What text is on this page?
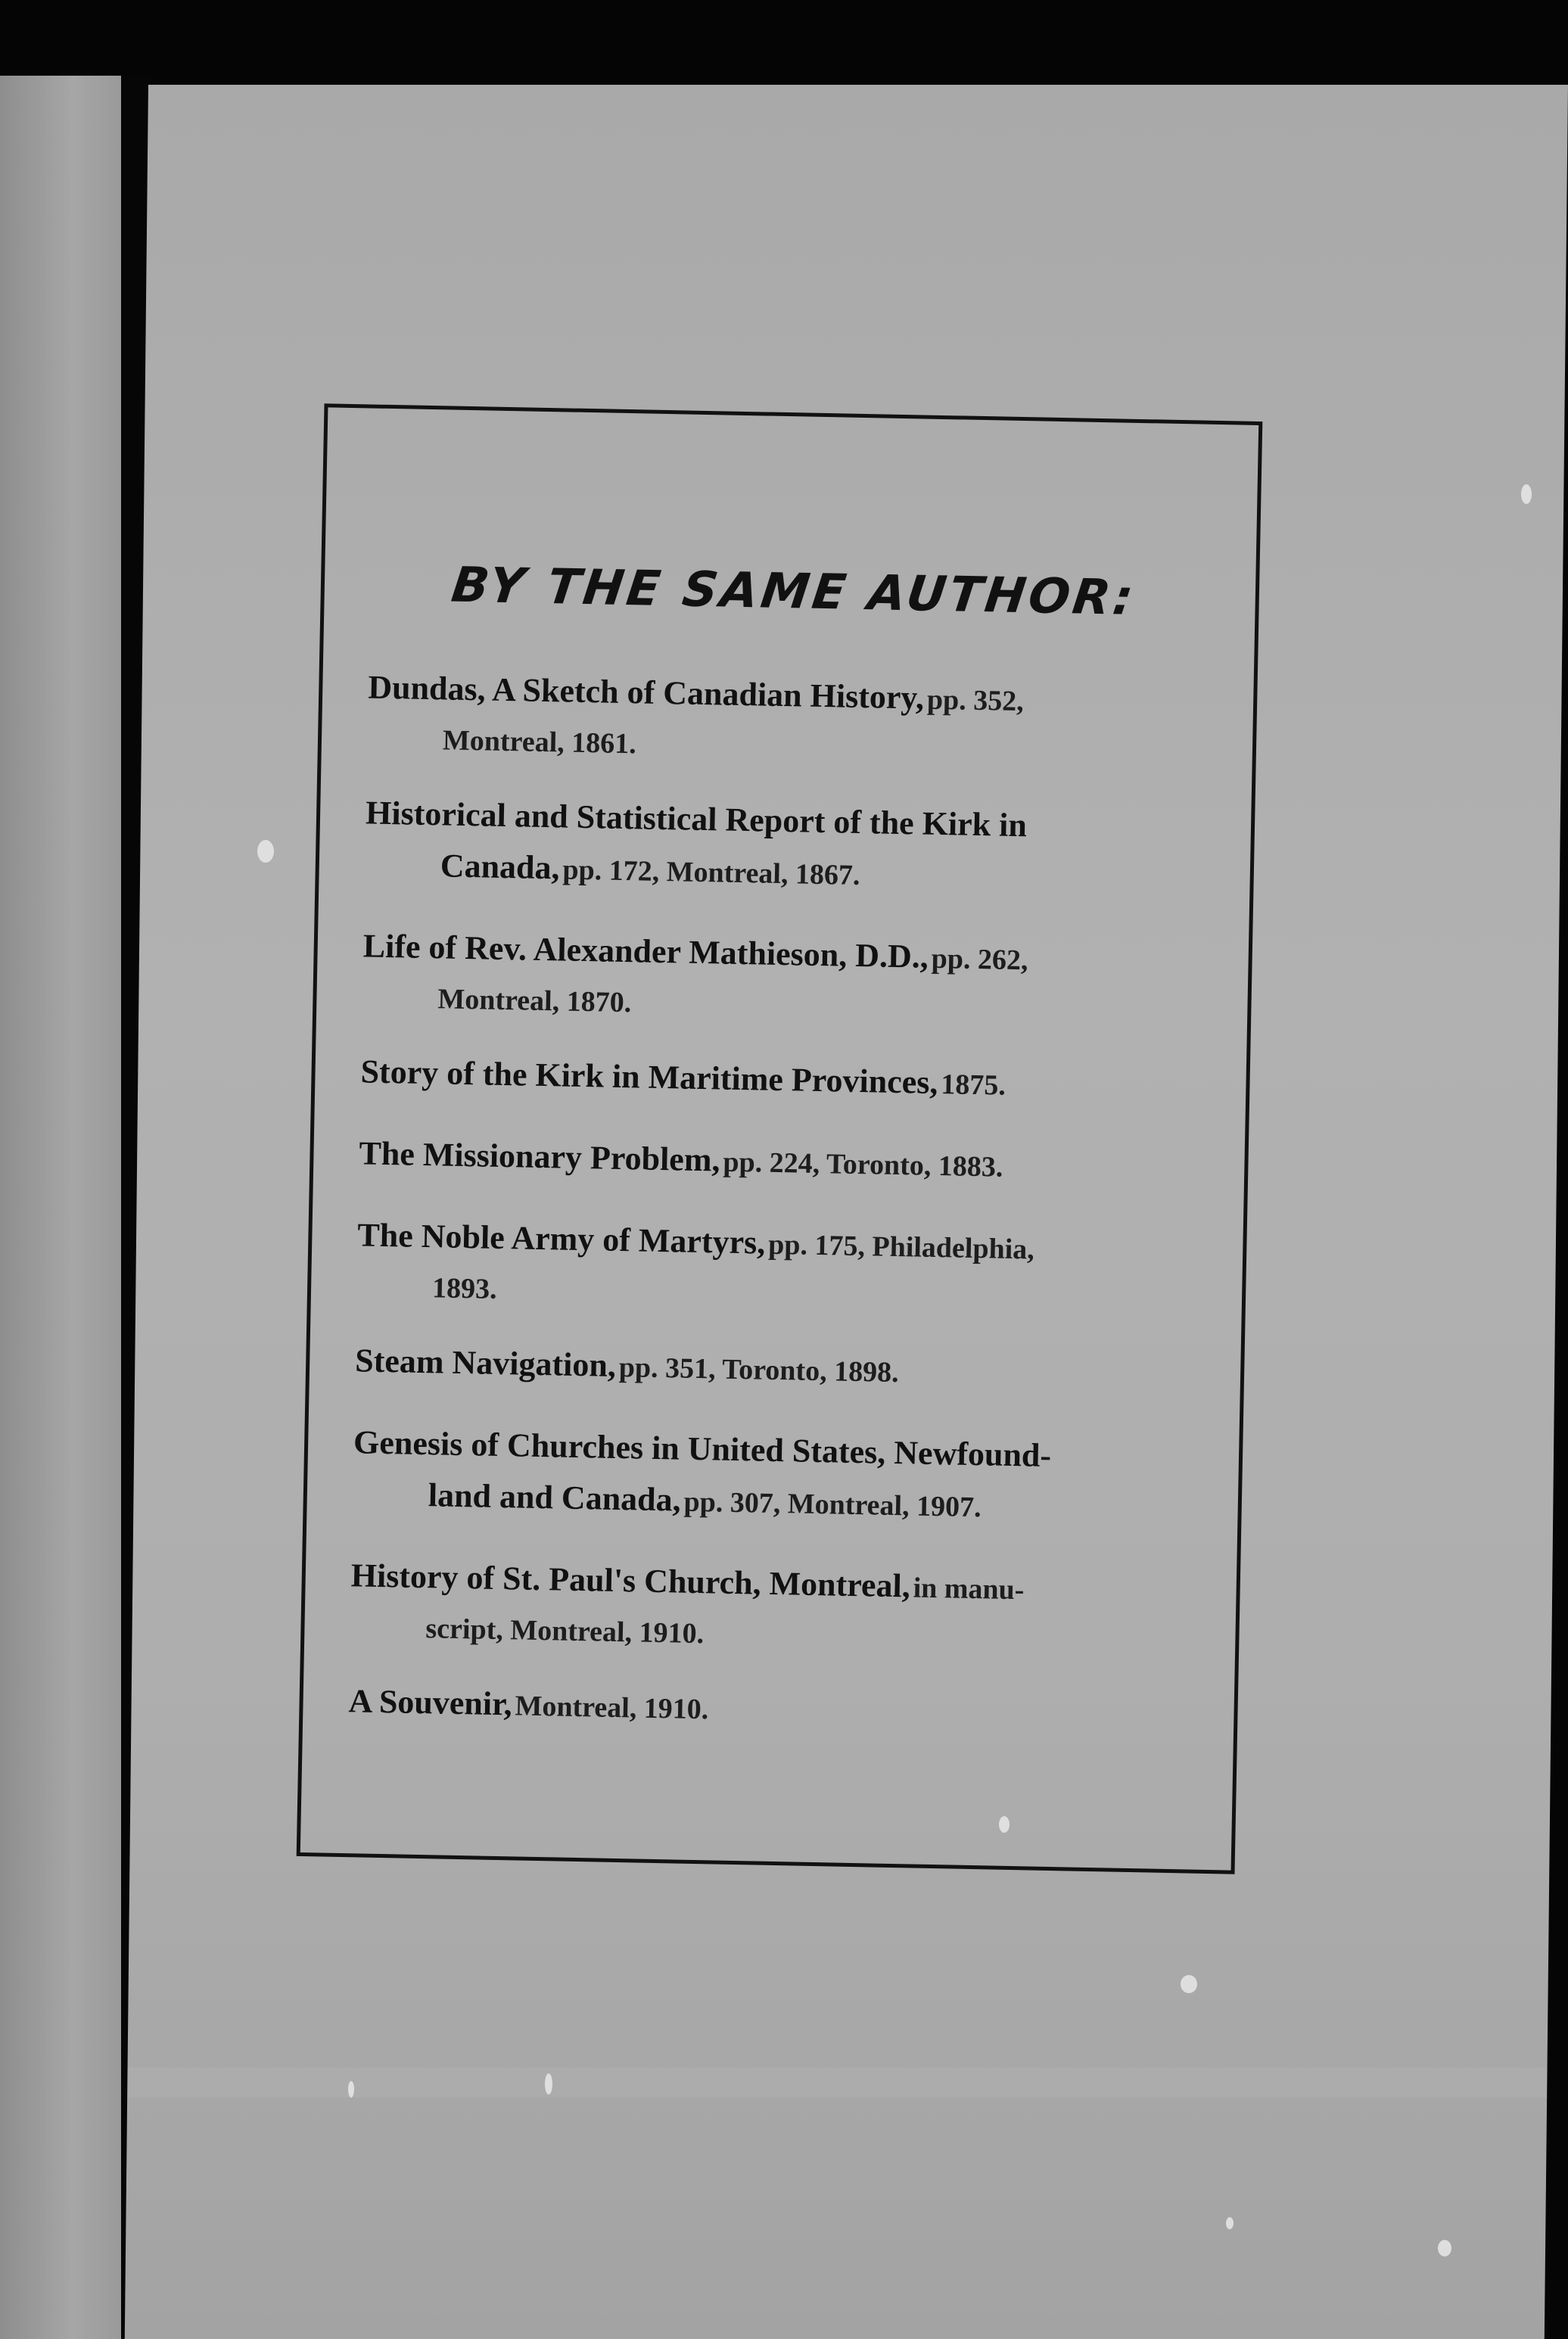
BY THE SAME AUTHOR:
Dundas, A Sketch of Canadian History, pp. 352,
Montreal, 1861.
Historical and Statistical Report of the Kirk in
Canada, pp. 172, Montreal, 1867.
Life of Rev. Alexander Mathieson, D.D., pp. 262,
Montreal, 1870.
Story of the Kirk in Maritime Provinces, 1875.
The Missionary Problem, pp. 224, Toronto, 1883.
The Noble Army of Martyrs, pp. 175, Philadelphia,
1893.
Steam Navigation, pp. 351, Toronto, 1898.
Genesis of Churches in United States, Newfound-
land and Canada, pp. 307, Montreal, 1907.
History of St. Paul's Church, Montreal, in manu-
script, Montreal, 1910.
A Souvenir, Montreal, 1910.
